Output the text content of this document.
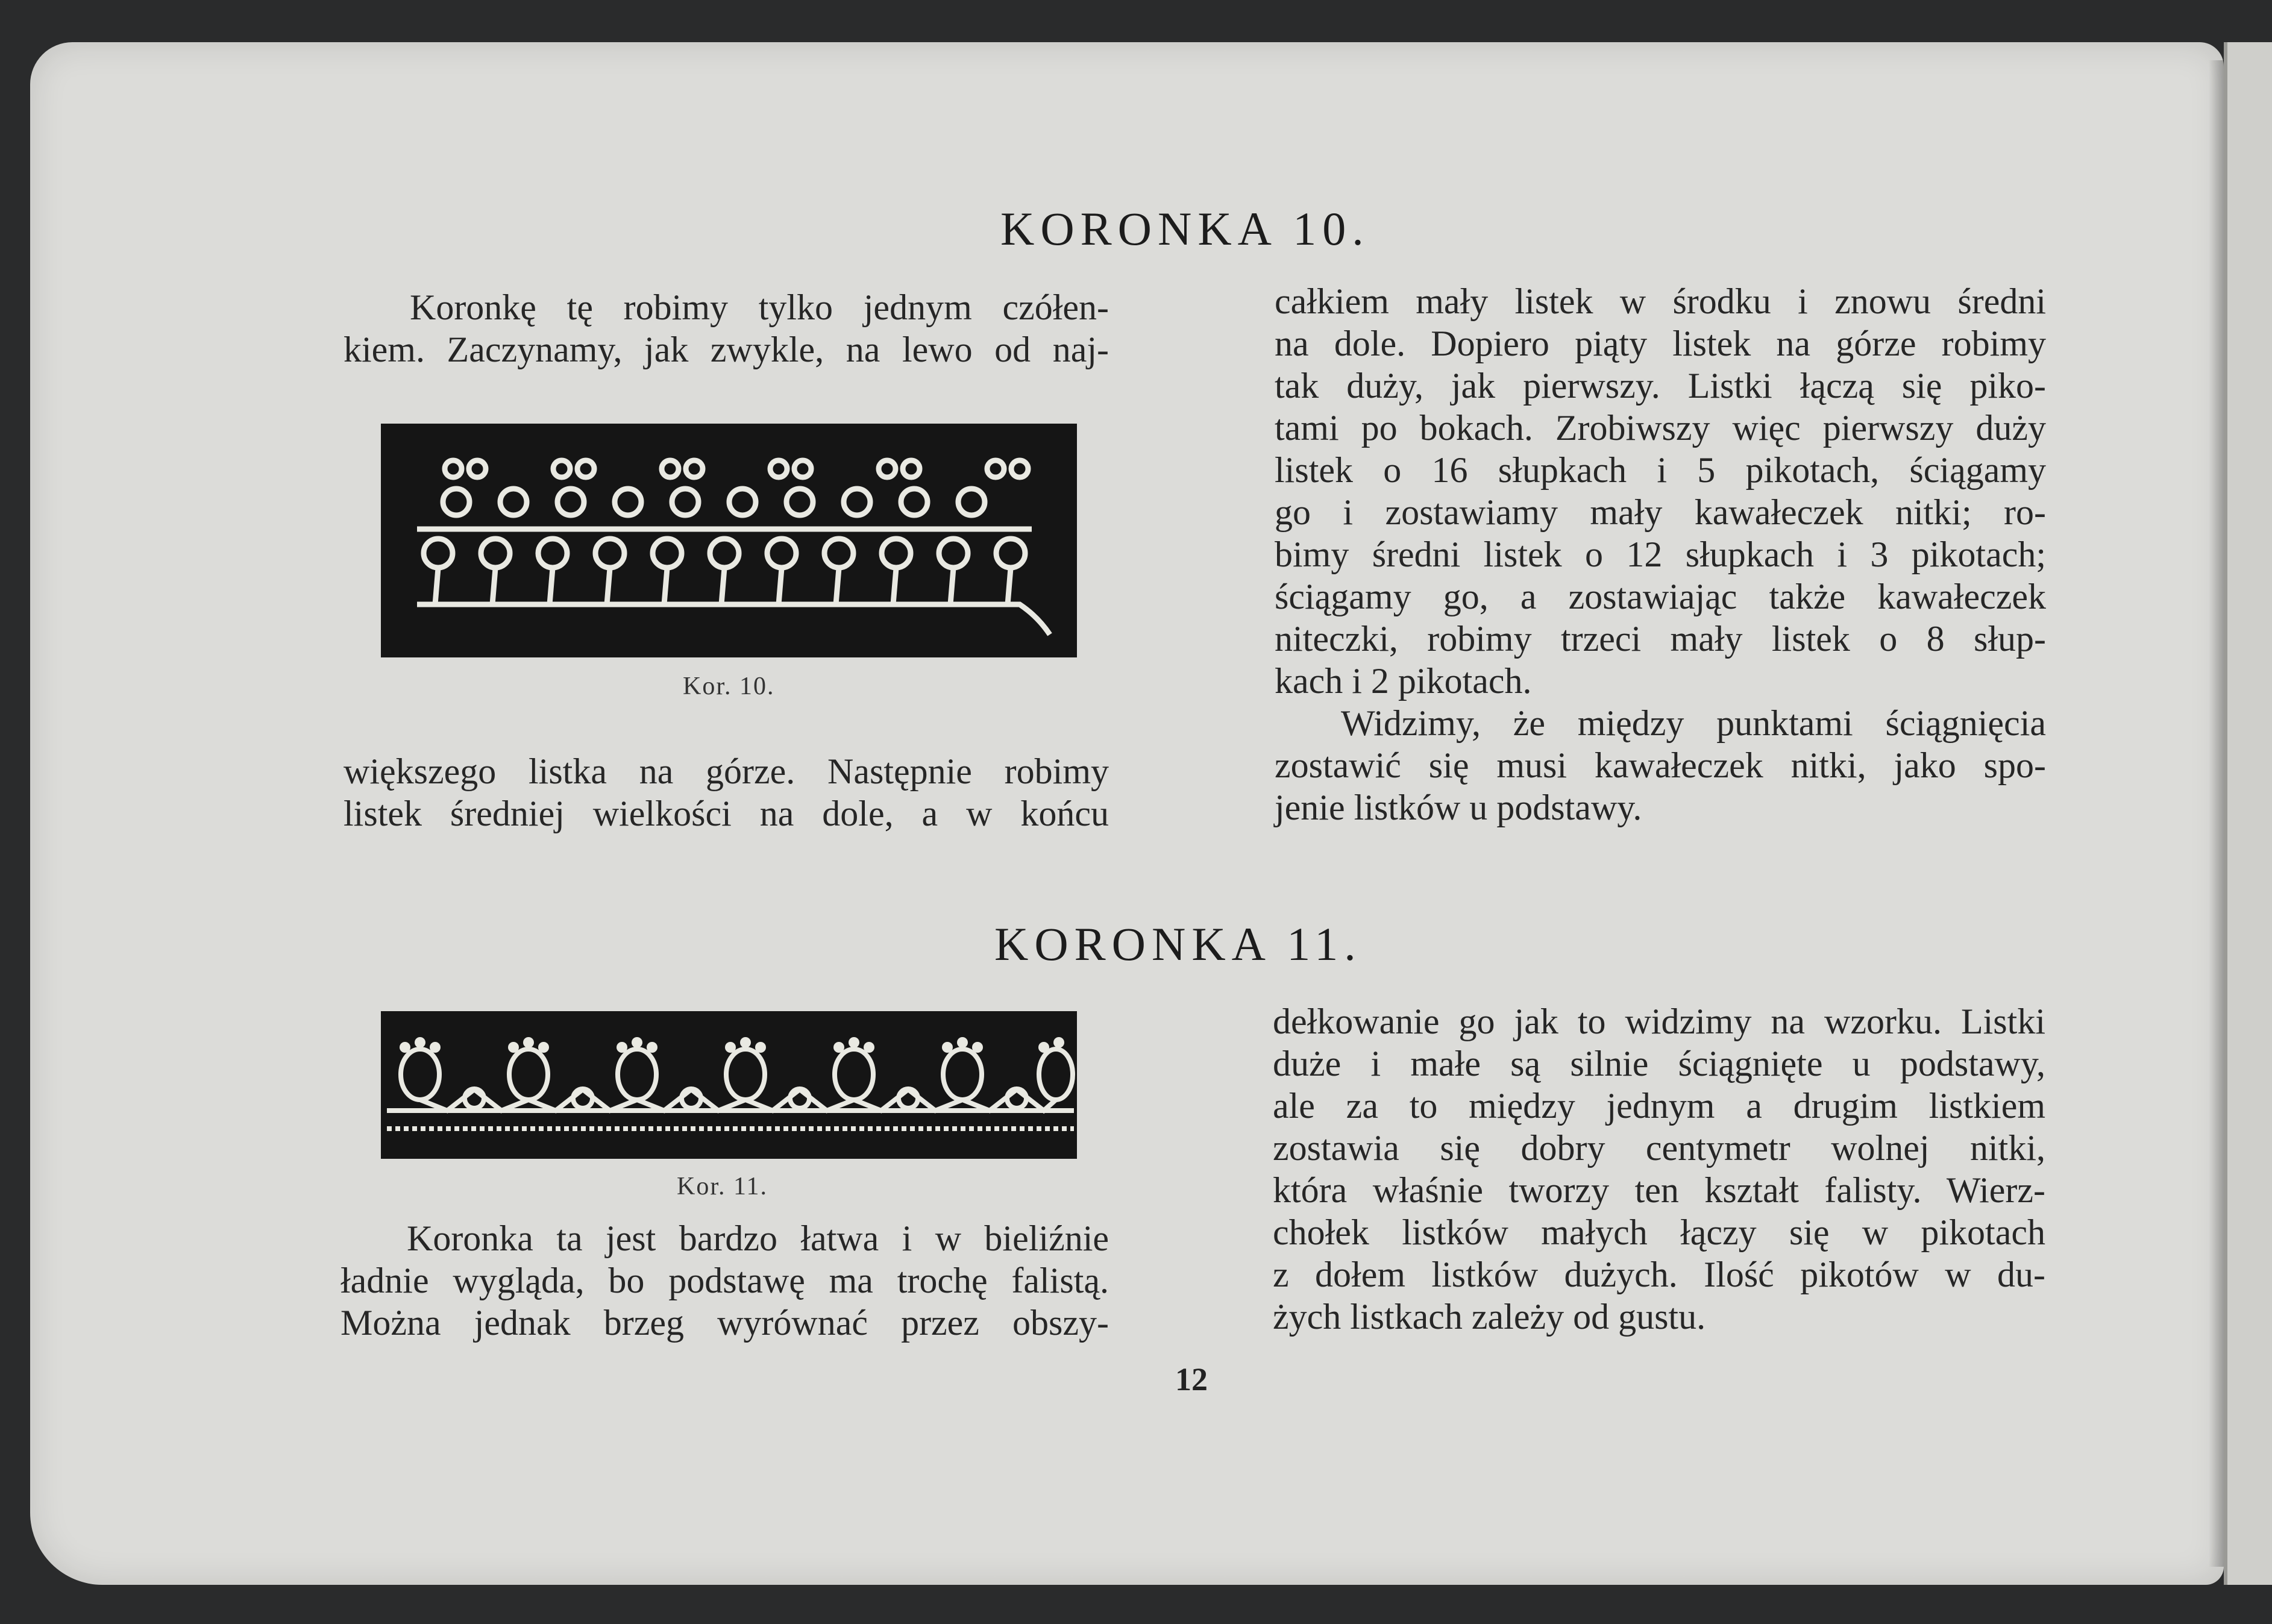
KORONKA 10.
Koronkę tę robimy tylko jednym czółen-
kiem. Zaczynamy, jak zwykle, na lewo od naj-
Kor. 10.
większego listka na górze. Następnie robimy
listek średniej wielkości na dole, a w końcu
całkiem mały listek w środku i znowu średni
na dole. Dopiero piąty listek na górze robimy
tak duży, jak pierwszy. Listki łączą się piko-
tami po bokach. Zrobiwszy więc pierwszy duży
listek o 16 słupkach i 5 pikotach, ściągamy
go i zostawiamy mały kawałeczek nitki; ro-
bimy średni listek o 12 słupkach i 3 pikotach;
ściągamy go, a zostawiając także kawałeczek
niteczki, robimy trzeci mały listek o 8 słup-
kach i 2 pikotach.
Widzimy, że między punktami ściągnięcia
zostawić się musi kawałeczek nitki, jako spo-
jenie listków u podstawy.
KORONKA 11.
Kor. 11.
Koronka ta jest bardzo łatwa i w bieliźnie
ładnie wygląda, bo podstawę ma trochę falistą.
Można jednak brzeg wyrównać przez obszy-
dełkowanie go jak to widzimy na wzorku. Listki
duże i małe są silnie ściągnięte u podstawy,
ale za to między jednym a drugim listkiem
zostawia się dobry centymetr wolnej nitki,
która właśnie tworzy ten kształt falisty. Wierz-
chołek listków małych łączy się w pikotach
z dołem listków dużych. Ilość pikotów w du-
żych listkach zależy od gustu.
12
